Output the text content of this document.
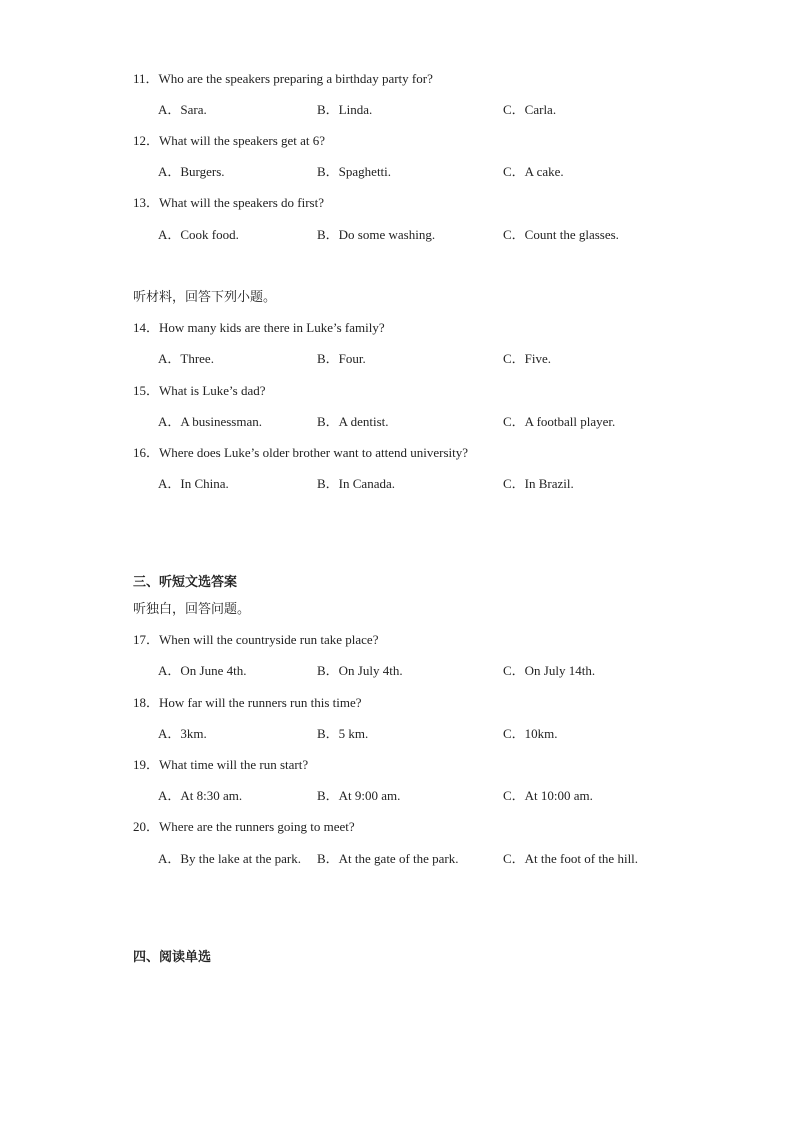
11．Who are the speakers preparing a birthday party for?
A．Sara.	B．Linda.	C．Carla.
12．What will the speakers get at 6?
A．Burgers.	B．Spaghetti.	C．A cake.
13．What will the speakers do first?
A．Cook food.	B．Do some washing.	C．Count the glasses.
听材料，回答下列小题。
14．How many kids are there in Luke’s family?
A．Three.	B．Four.	C．Five.
15．What is Luke’s dad?
A．A businessman.	B．A dentist.	C．A football player.
16．Where does Luke’s older brother want to attend university?
A．In China.	B．In Canada.	C．In Brazil.
三、听短文选答案
听独白，回答问题。
17．When will the countryside run take place?
A．On June 4th.	B．On July 4th.	C．On July 14th.
18．How far will the runners run this time?
A．3km.	B．5 km.	C．10km.
19．What time will the run start?
A．At 8:30 am.	B．At 9:00 am.	C．At 10:00 am.
20．Where are the runners going to meet?
A．By the lake at the park. B．At the gate of the park.	C．At the foot of the hill.
四、阅读单选
